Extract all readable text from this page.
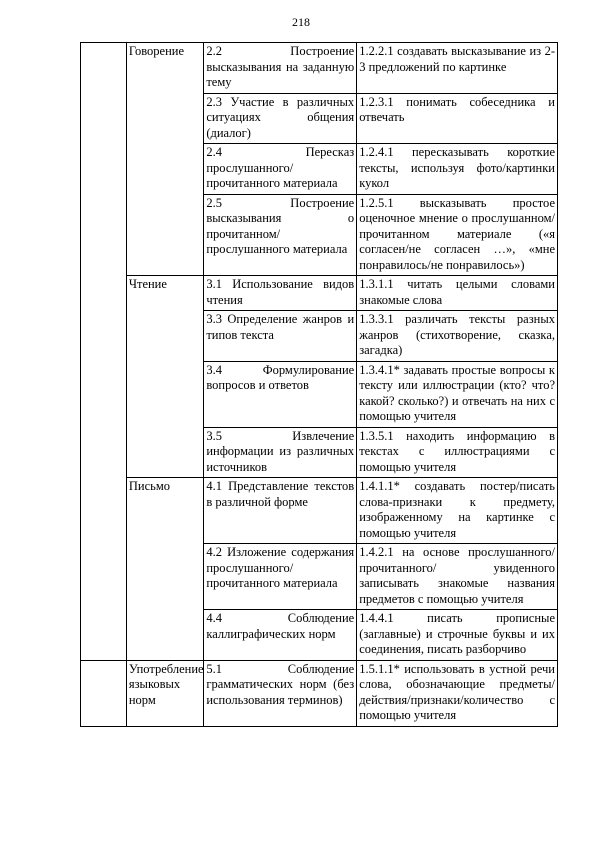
218
	Говорение	2.2 Построение высказывания на заданную тему	1.2.2.1 создавать высказывание из 2-3 предложений по картинке
		2.3 Участие в различных ситуациях общения (диалог)	1.2.3.1 понимать собеседника и отвечать
		2.4 Пересказ прослушанного/прочитанного материала	1.2.4.1 пересказывать короткие тексты, используя фото/картинки кукол
		2.5 Построение высказывания о прочитанном/прослушанного материала	1.2.5.1 высказывать простое оценочное мнение о прослушанном/прочитанном материале («я согласен/не согласен …», «мне понравилось/не понравилось»)
	Чтение	3.1 Использование видов чтения	1.3.1.1 читать целыми словами знакомые слова
		3.3 Определение жанров и типов текста	1.3.3.1 различать тексты разных жанров (стихотворение, сказка, загадка)
		3.4 Формулирование вопросов и ответов	1.3.4.1* задавать простые вопросы к тексту или иллюстрации (кто? что? какой? сколько?) и отвечать на них с помощью учителя
		3.5 Извлечение информации из различных источников	1.3.5.1 находить информацию в текстах с иллюстрациями с помощью учителя
	Письмо	4.1 Представление текстов в различной форме	1.4.1.1* создавать постер/писать слова-признаки к предмету, изображенному на картинке с помощью учителя
		4.2 Изложение содержания прослушанного/прочитанного материала	1.4.2.1 на основе прослушанного/ прочитанного/ увиденного записывать знакомые названия предметов с помощью учителя
		4.4 Соблюдение каллиграфических норм	1.4.4.1 писать прописные (заглавные) и строчные буквы и их соединения, писать разборчиво
	Употребление языковых норм	5.1 Соблюдение грамматических норм (без использования терминов)	1.5.1.1* использовать в устной речи слова, обозначающие предметы/действия/признаки/количество с помощью учителя
